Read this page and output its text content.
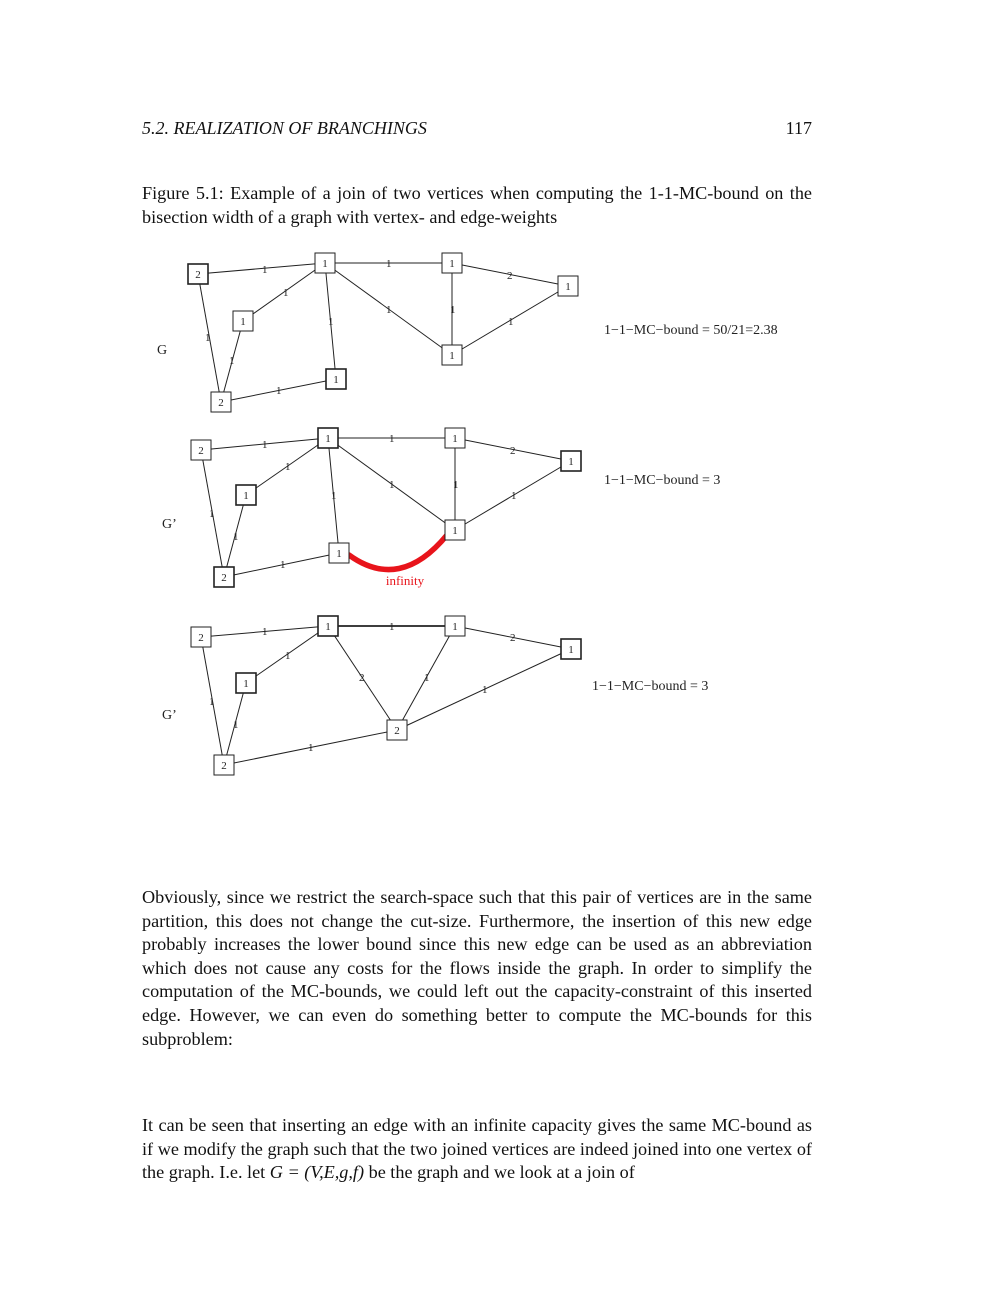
5.2. REALIZATION OF BRANCHINGS	117
Figure 5.1: Example of a join of two vertices when computing the 1-1-MC-bound on the bisection width of a graph with vertex- and edge-weights
1	1
2
1
1
1	1
1
1
1
1
2
1	1
1
1
1
2
1
G
1−1−MC−bound = 50/21=2.38
1	1
2
1
1
1	1
1
1
1
1
2
1	1
1
1
1
2
1
infinity
G’
1−1−MC−bound = 3
1	1
2
1
2	1
1
1
1
1
2
1	1
1
1
2
2
G’
1−1−MC−bound = 3

Obviously, since we restrict the search-space such that this pair of vertices are in the same partition, this does not change the cut-size. Furthermore, the insertion of this new edge probably increases the lower bound since this new edge can be used as an abbreviation which does not cause any costs for the flows inside the graph. In order to simplify the computation of the MC-bounds, we could left out the capacity-constraint of this inserted edge. However, we can even do something better to compute the MC-bounds for this subproblem:

It can be seen that inserting an edge with an infinite capacity gives the same MC-bound as if we modify the graph such that the two joined vertices are indeed joined into one vertex of the graph. I.e. let G = (V,E,g,f) be the graph and we look at a join of
